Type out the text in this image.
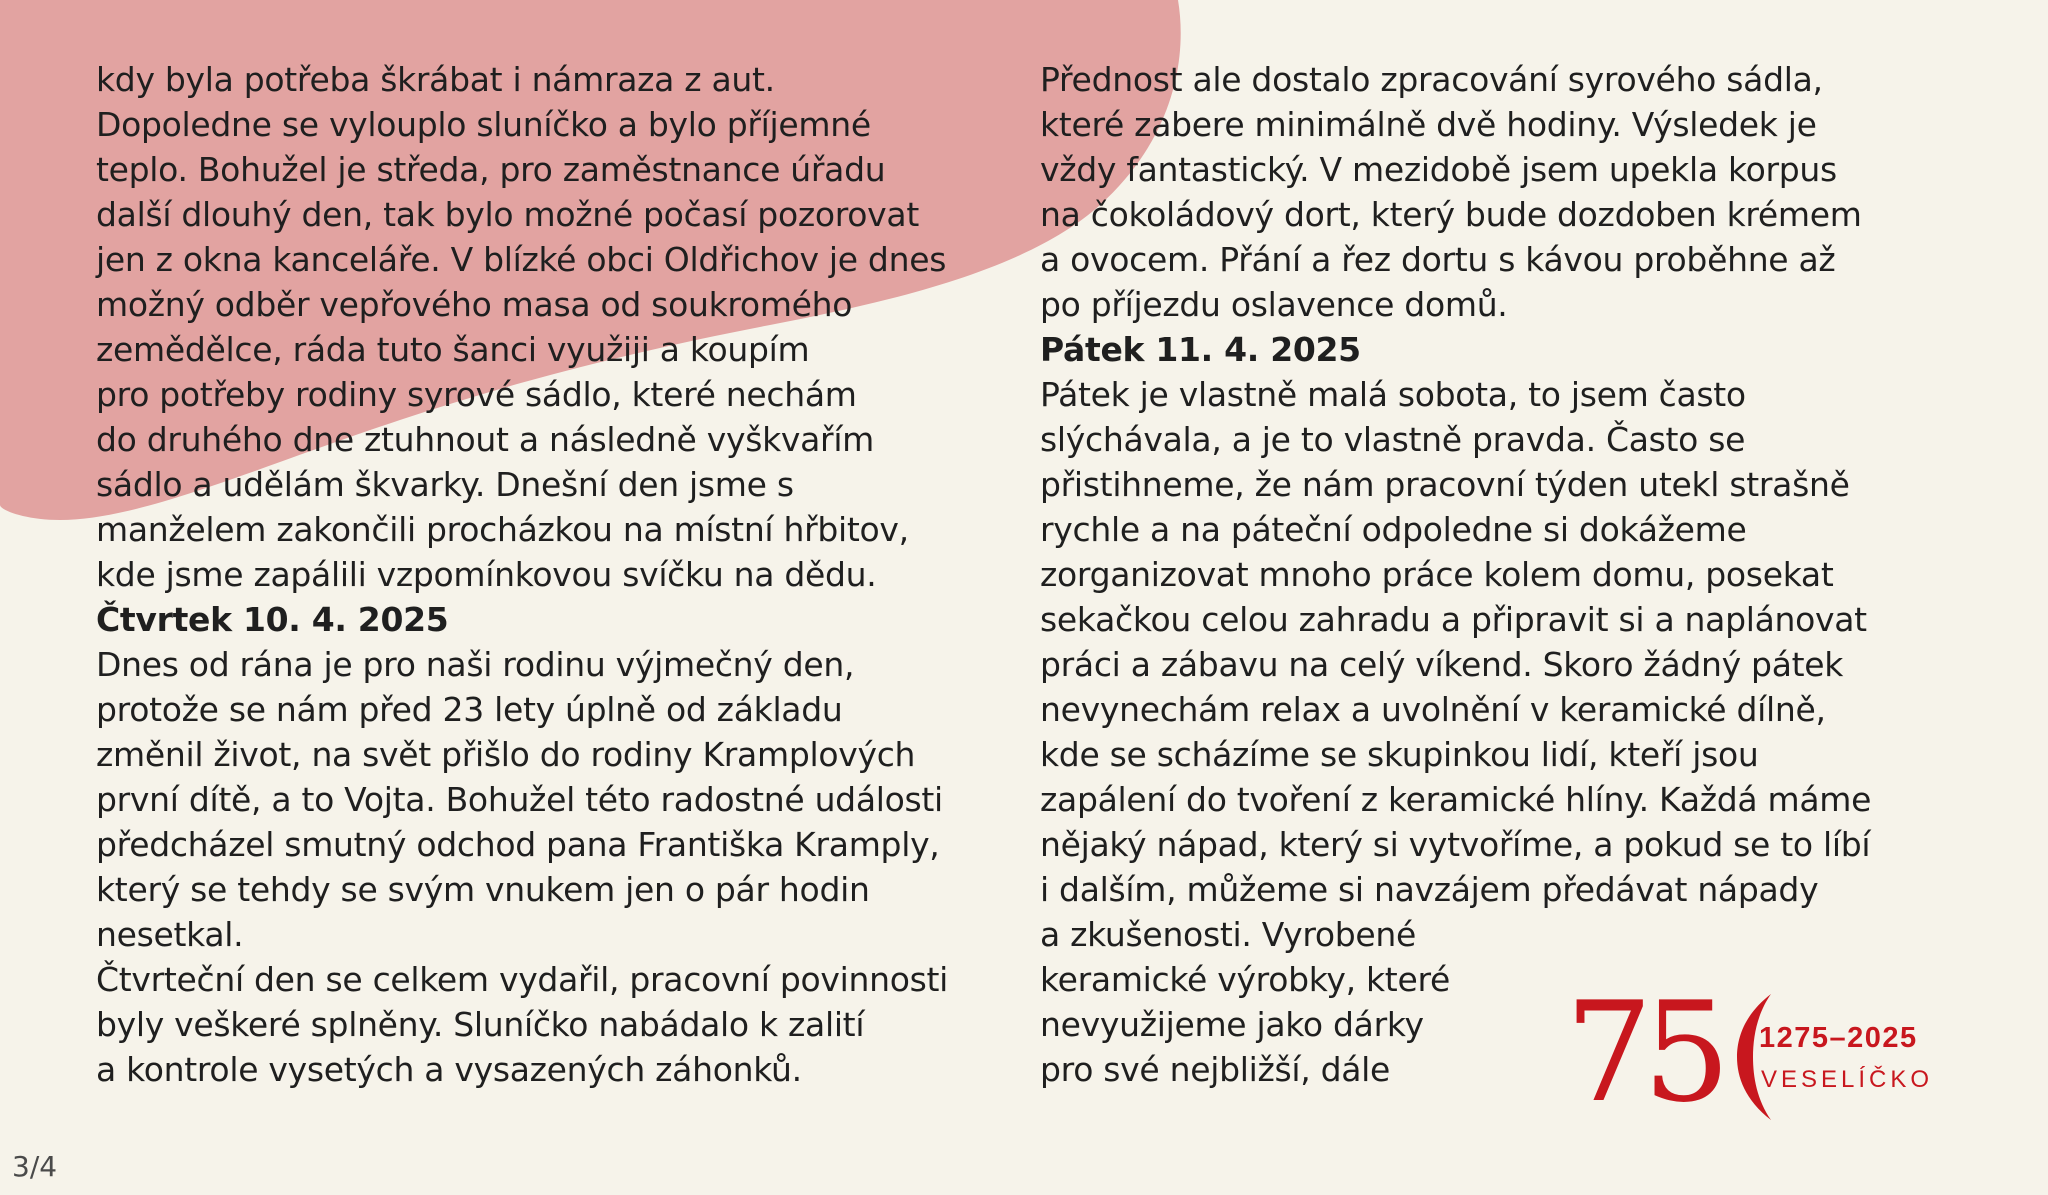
kdy byla potřeba škrábat i námraza z aut.
Dopoledne se vylouplo sluníčko a bylo příjemné
teplo. Bohužel je středa, pro zaměstnance úřadu
další dlouhý den, tak bylo možné počasí pozorovat
jen z okna kanceláře. V blízké obci Oldřichov je dnes
možný odběr vepřového masa od soukromého
zemědělce, ráda tuto šanci využiji a koupím
pro potřeby rodiny syrové sádlo, které nechám
do druhého dne ztuhnout a následně vyškvařím
sádlo a udělám škvarky. Dnešní den jsme s
manželem zakončili procházkou na místní hřbitov,
kde jsme zapálili vzpomínkovou svíčku na dědu.
Čtvrtek 10. 4. 2025
Dnes od rána je pro naši rodinu výjmečný den,
protože se nám před 23 lety úplně od základu
změnil život, na svět přišlo do rodiny Kramplových
první dítě, a to Vojta. Bohužel této radostné události
předcházel smutný odchod pana Františka Kramply,
který se tehdy se svým vnukem jen o pár hodin
nesetkal.
Čtvrteční den se celkem vydařil, pracovní povinnosti
byly veškeré splněny. Sluníčko nabádalo k zalití
a kontrole vysetých a vysazených záhonků.
Přednost ale dostalo zpracování syrového sádla,
které zabere minimálně dvě hodiny. Výsledek je
vždy fantastický. V mezidobě jsem upekla korpus
na čokoládový dort, který bude dozdoben krémem
a ovocem. Přání a řez dortu s kávou proběhne až
po příjezdu oslavence domů.
Pátek 11. 4. 2025
Pátek je vlastně malá sobota, to jsem často
slýchávala, a je to vlastně pravda. Často se
přistihneme, že nám pracovní týden utekl strašně
rychle a na páteční odpoledne si dokážeme
zorganizovat mnoho práce kolem domu, posekat
sekačkou celou zahradu a připravit si a naplánovat
práci a zábavu na celý víkend. Skoro žádný pátek
nevynechám relax a uvolnění v keramické dílně,
kde se scházíme se skupinkou lidí, kteří jsou
zapálení do tvoření z keramické hlíny. Každá máme
nějaký nápad, který si vytvoříme, a pokud se to líbí
i dalším, můžeme si navzájem předávat nápady
a zkušenosti. Vyrobené
keramické výrobky, které
nevyužijeme jako dárky
pro své nejbližší, dále	75 1275–2025
VESELÍČKO
3/4
